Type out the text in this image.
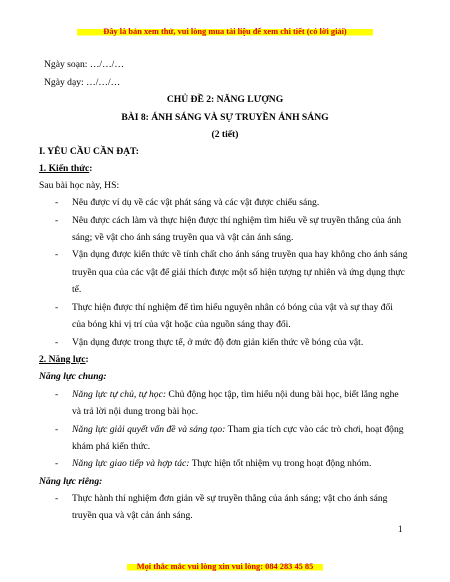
Đây là bản xem thử, vui lòng mua tài liệu để xem chi tiết (có lời giải)
Ngày soạn: …/…/…
Ngày dạy: …/…/…
CHỦ ĐỀ 2: NĂNG LƯỢNG
BÀI 8: ÁNH SÁNG VÀ SỰ TRUYỀN ÁNH SÁNG
(2 tiết)
I. YÊU CẦU CẦN ĐẠT:
1. Kiến thức:
Sau bài học này, HS:
- Nêu được ví dụ về các vật phát sáng và các vật được chiếu sáng.
- Nêu được cách làm và thực hiện được thí nghiệm tìm hiểu về sự truyền thẳng của ánh
sáng; về vật cho ánh sáng truyền qua và vật cản ánh sáng.
- Vận dụng được kiến thức về tính chất cho ánh sáng truyền qua hay không cho ánh sáng
truyền qua của các vật để giải thích được một số hiện tượng tự nhiên và ứng dụng thực
tế.
- Thực hiện được thí nghiệm để tìm hiểu nguyên nhân có bóng của vật và sự thay đổi
của bóng khi vị trí của vật hoặc của nguồn sáng thay đổi.
- Vận dụng được trong thực tế, ở mức độ đơn giản kiến thức về bóng của vật.
2. Năng lực:
Năng lực chung:
- Năng lực tự chủ, tự học: Chủ động học tập, tìm hiểu nội dung bài học, biết lắng nghe
và trả lời nội dung trong bài học.
- Năng lực giải quyết vấn đề và sáng tạo: Tham gia tích cực vào các trò chơi, hoạt động
khám phá kiến thức.
- Năng lực giao tiếp và hợp tác: Thực hiện tốt nhiệm vụ trong hoạt động nhóm.
Năng lực riêng:
- Thực hành thí nghiệm đơn giản về sự truyền thẳng của ánh sáng; vật cho ánh sáng
truyền qua và vật cản ánh sáng.
1
Mọi thắc mắc vui lòng xin vui lòng: 084 283 45 85
